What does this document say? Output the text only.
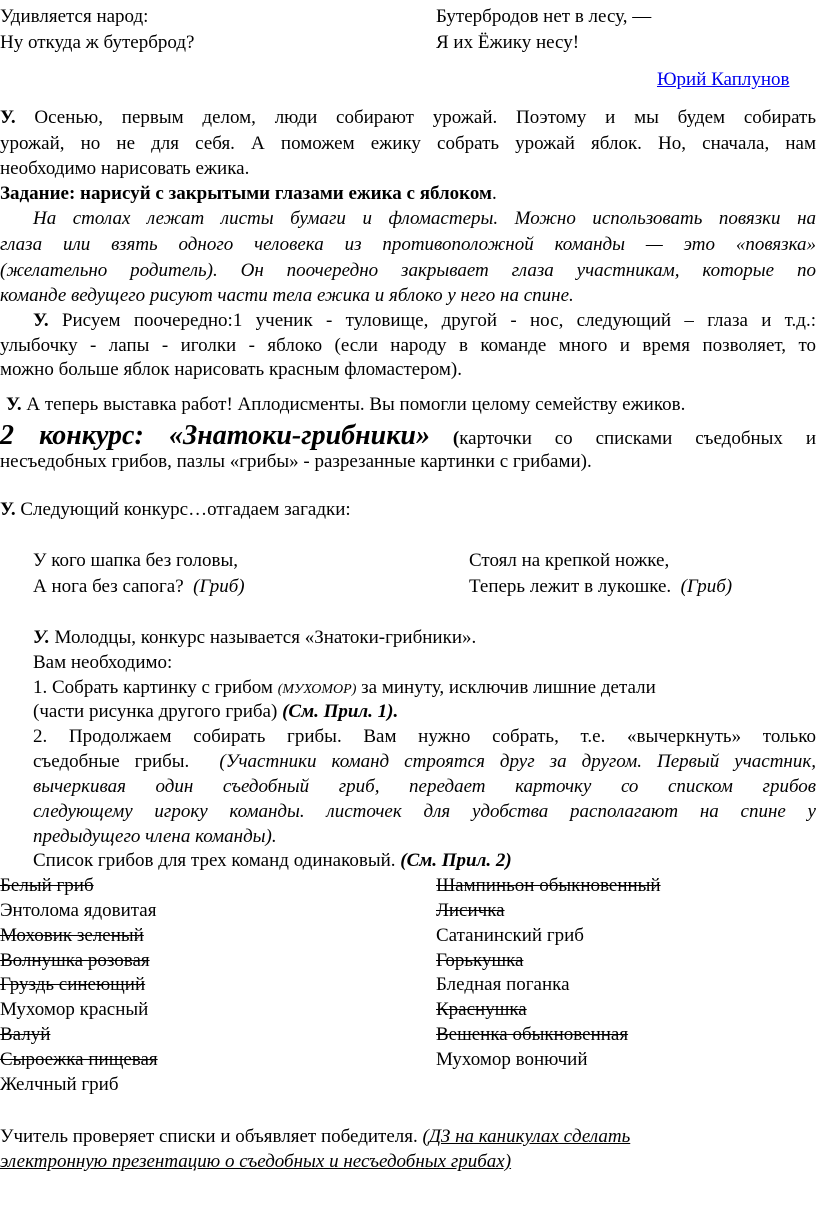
Удивляется народ:
Ну откуда ж бутерброд?
Бутербродов нет в лесу, —
Я их Ёжику несу!
Юрий Каплунов
У. Осенью, первым делом, люди собирают урожай. Поэтому и мы будем собирать
урожай, но не для себя. А поможем ежику собрать урожай яблок. Но, сначала, нам
необходимо нарисовать ежика.
Задание: нарисуй с закрытыми глазами ежика с яблоком.
На столах лежат листы бумаги и фломастеры. Можно использовать повязки на
глаза или взять одного человека из противоположной команды — это «повязка»
(желательно родитель). Он поочередно закрывает глаза участникам, которые по
команде ведущего рисуют части тела ежика и яблоко у него на спине.
У. Рисуем поочередно:1 ученик - туловище, другой - нос, следующий – глаза и т.д.:
улыбочку - лапы - иголки - яблоко (если народу в команде много и время позволяет, то
можно больше яблок нарисовать красным фломастером).
У. А теперь выставка работ! Аплодисменты. Вы помогли целому семейству ежиков.
2 конкурс: «Знатоки-грибники» (карточки со списками съедобных и
несъедобных грибов, пазлы «грибы» - разрезанные картинки с грибами).
У. Следующий конкурс…отгадаем загадки:
У кого шапка без головы,
А нога без сапога? (Гриб)
Стоял на крепкой ножке,
Теперь лежит в лукошке. (Гриб)
У. Молодцы, конкурс называется «Знатоки-грибники».
Вам необходимо:
1. Собрать картинку с грибом (МУХОМОР) за минуту, исключив лишние детали
(части рисунка другого гриба) (См. Прил. 1).
2. Продолжаем собирать грибы. Вам нужно собрать, т.е. «вычеркнуть» только
съедобные грибы. (Участники команд строятся друг за другом. Первый участник,
вычеркивая один съедобный гриб, передает карточку со списком грибов
следующему игроку команды. листочек для удобства располагают на спине у
предыдущего члена команды).
Список грибов для трех команд одинаковый. (См. Прил. 2)
Белый гриб
Энтолома ядовитая
Моховик зеленый
Волнушка розовая
Груздь синеющий
Мухомор красный
Валуй
Сыроежка пищевая
Желчный гриб
Шампиньон обыкновенный
Лисичка
Сатанинский гриб
Горькушка
Бледная поганка
Краснушка
Вешенка обыкновенная
Мухомор вонючий
Учитель проверяет списки и объявляет победителя. (ДЗ на каникулах сделать
электронную презентацию о съедобных и несъедобных грибах)
